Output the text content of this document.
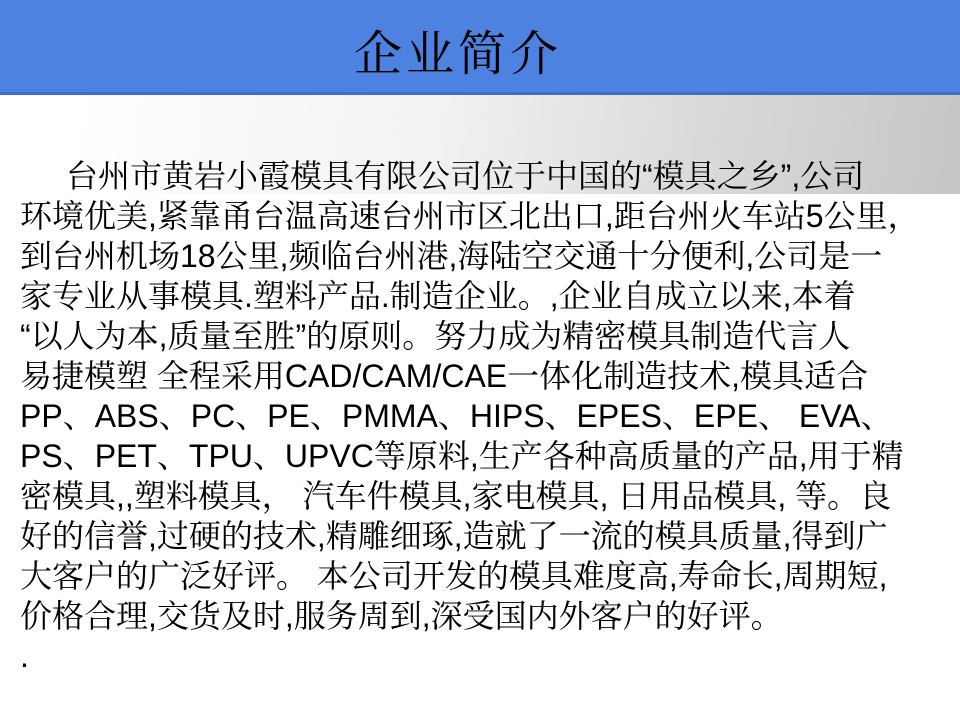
企业简介
台州市黄岩小霞模具有限公司位于中国的“模具之乡”,公司
环境优美,紧靠甬台温高速台州市区北出口,距台州火车站5公里，
到台州机场18公里,频临台州港,海陆空交通十分便利,公司是一
家专业从事模具.塑料产品.制造企业。,企业自成立以来,本着
“以人为本,质量至胜”的原则。努力成为精密模具制造代言人
易捷模塑 全程采用CAD/CAM/CAE一体化制造技术,模具适合
PP、ABS、PC、PE、PMMA、HIPS、EPES、EPE、 EVA、
PS、PET、TPU、UPVC等原料,生产各种高质量的产品,用于精
密模具,,塑料模具， 汽车件模具,家电模具, 日用品模具, 等。良
好的信誉,过硬的技术,精雕细琢,造就了一流的模具质量,得到广
大客户的广泛好评。 本公司开发的模具难度高,寿命长,周期短,
价格合理,交货及时,服务周到,深受国内外客户的好评。
.
